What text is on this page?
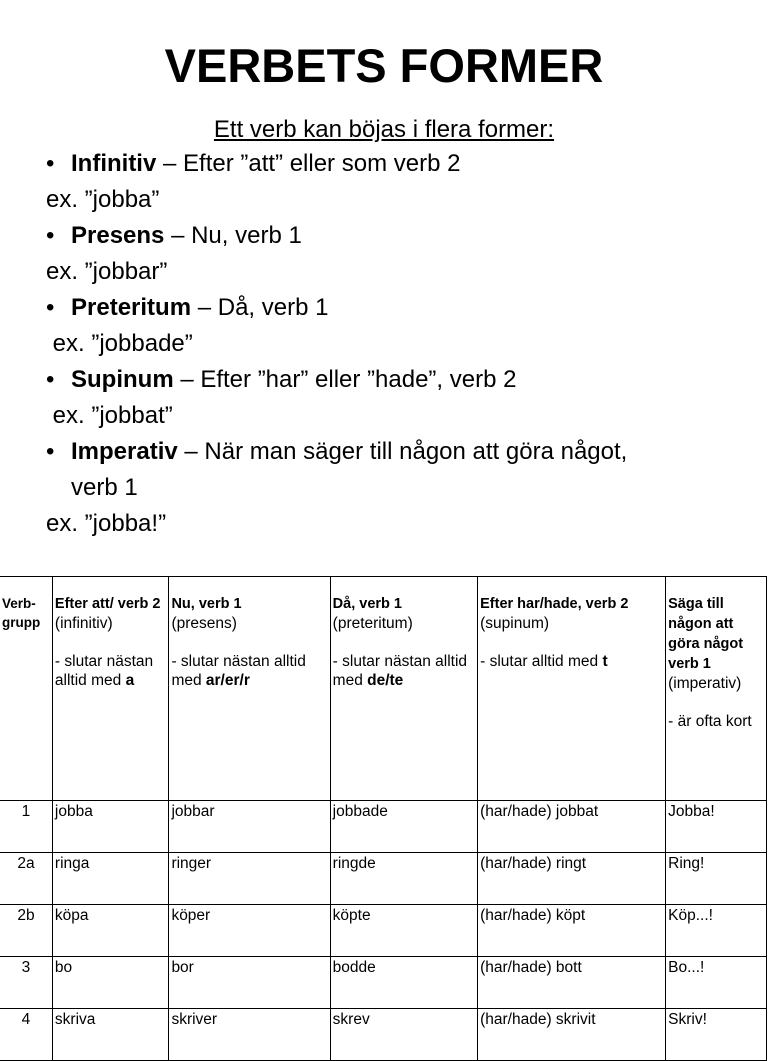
VERBETS FORMER
Ett verb kan böjas i flera former:
• Infinitiv – Efter ”att” eller som verb 2
ex. ”jobba”
• Presens – Nu, verb 1
ex. ”jobbar”
• Preteritum – Då, verb 1
ex. ”jobbade”
• Supinum – Efter ”har” eller ”hade”, verb 2
ex. ”jobbat”
• Imperativ – När man säger till någon att göra något,
verb 1
ex. ”jobba!”
Verb-grupp	Efter att/ verb 2
(infinitiv)
- slutar nästan alltid med a	Nu, verb 1
(presens)
- slutar nästan alltid med ar/er/r	Då, verb 1
(preteritum)
- slutar nästan alltid med de/te	Efter har/hade, verb 2 (supinum)
- slutar alltid med t	Säga till någon att göra något verb 1
(imperativ)
- är ofta kort

1	jobba	jobbar	jobbade	(har/hade) jobbat	Jobba!
2a	ringa	ringer	ringde	(har/hade) ringt	Ring!
2b	köpa	köper	köpte	(har/hade) köpt	Köp...!
3	bo	bor	bodde	(har/hade) bott	Bo...!
4	skriva	skriver	skrev	(har/hade) skrivit	Skriv!
